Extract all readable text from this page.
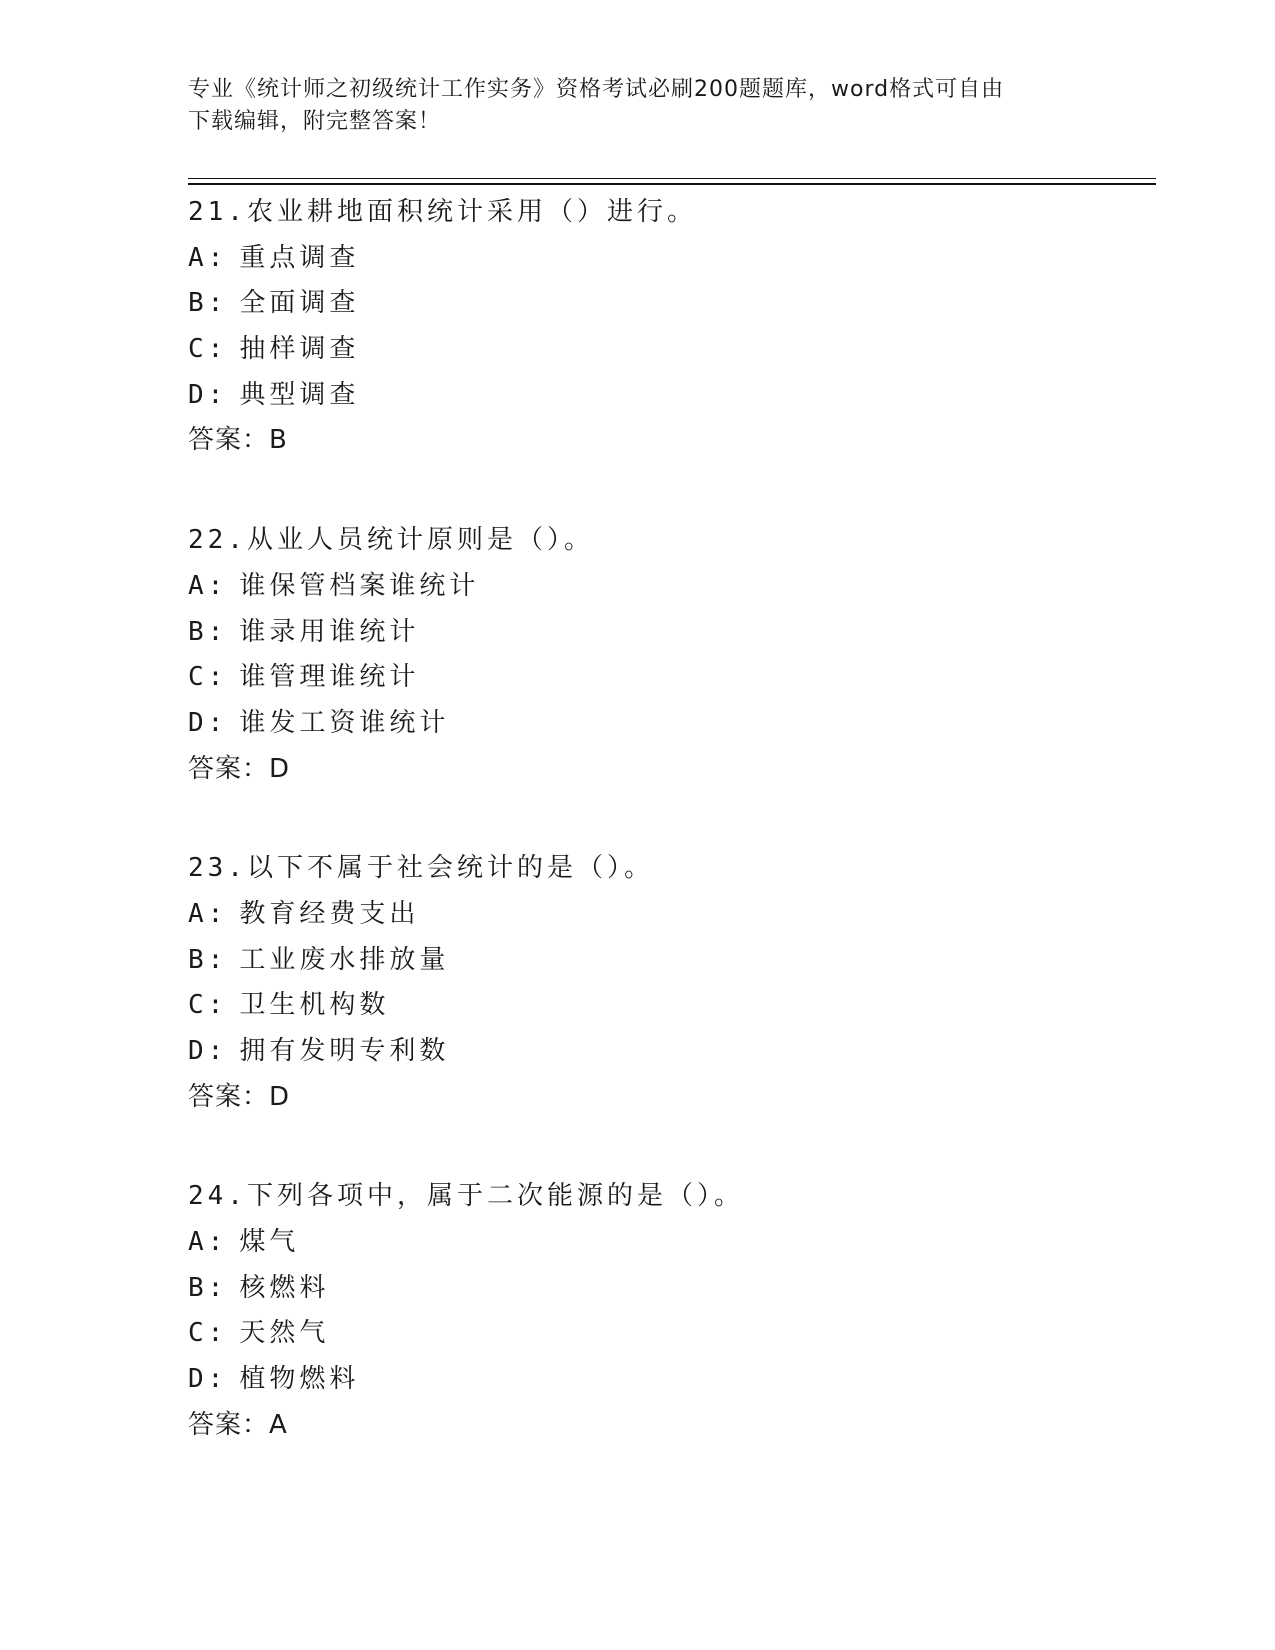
专业《统计师之初级统计工作实务》资格考试必刷200题题库，word格式可自由
下载编辑，附完整答案！
21.农业耕地面积统计采用（）进行。
A: 重点调查
B: 全面调查
C: 抽样调查
D: 典型调查
答案：B
22.从业人员统计原则是（）。
A: 谁保管档案谁统计
B: 谁录用谁统计
C: 谁管理谁统计
D: 谁发工资谁统计
答案：D
23.以下不属于社会统计的是（）。
A: 教育经费支出
B: 工业废水排放量
C: 卫生机构数
D: 拥有发明专利数
答案：D
24.下列各项中，属于二次能源的是（）。
A: 煤气
B: 核燃料
C: 天然气
D: 植物燃料
答案：A
